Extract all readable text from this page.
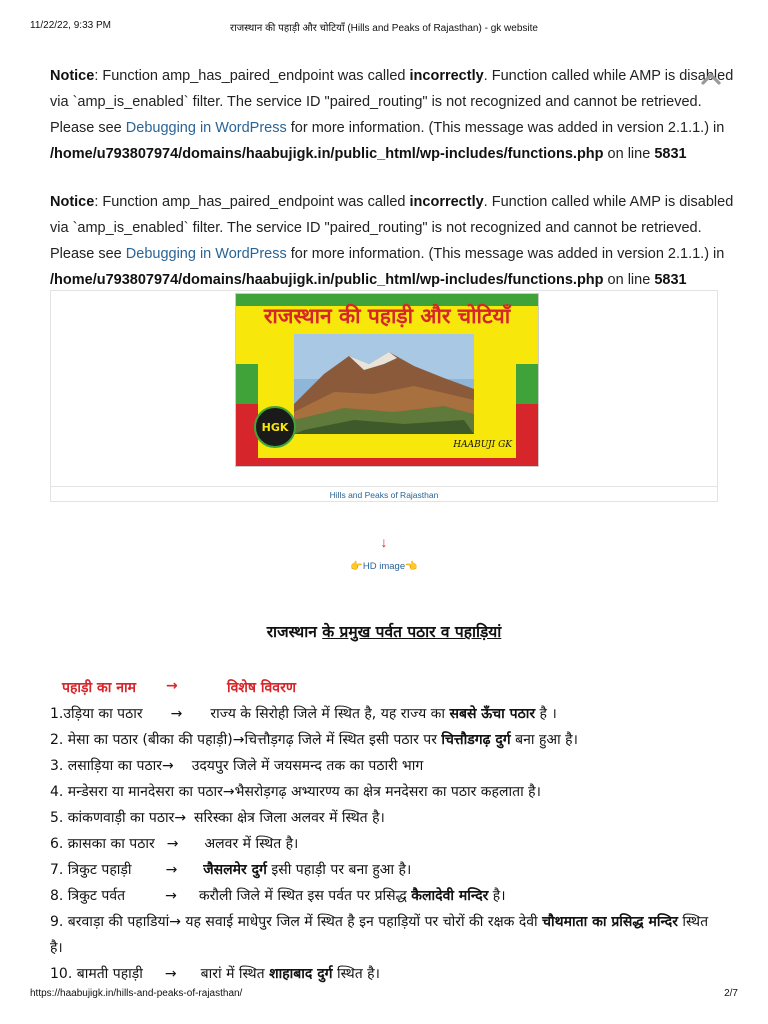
11/22/22, 9:33 PM	राजस्थान की पहाड़ी और चोटियाँ (Hills and Peaks of Rajasthan) - gk website
Notice: Function amp_has_paired_endpoint was called incorrectly. Function called while AMP is disabled
via `amp_is_enabled` filter. The service ID "paired_routing" is not recognized and cannot be retrieved.
Please see Debugging in WordPress for more information. (This message was added in version 2.1.1.) in
/home/u793807974/domains/haabujigk.in/public_html/wp-includes/functions.php on line 5831
Notice: Function amp_has_paired_endpoint was called incorrectly. Function called while AMP is disabled
via `amp_is_enabled` filter. The service ID "paired_routing" is not recognized and cannot be retrieved.
Please see Debugging in WordPress for more information. (This message was added in version 2.1.1.) in
/home/u793807974/domains/haabujigk.in/public_html/wp-includes/functions.php on line 5831
राजस्थान की पहाड़ी और चोटियाँ
HGK
HAABUJI GK
Hills and Peaks of Rajasthan
↓
👉HD image👈
राजस्थान के प्रमुख पर्वत पठार व पहाड़ियां
पहाड़ी का नाम →	विशेष विवरण
1.उड़िया का पठार → राज्य के सिरोही जिले में स्थित है, यह राज्य का सबसे ऊँचा पठार है ।
2. मेसा का पठार (बीका की पहाड़ी)→चित्तौड़गढ़ जिले में स्थित इसी पठार पर चित्तौडगढ़ दुर्ग बना हुआ है।
3. लसाड़िया का पठार→ उदयपुर जिले में जयसमन्द तक का पठारी भाग
4. मन्डेसरा या मानदेसरा का पठार→भैसरोड़गढ़ अभ्यारण्य का क्षेत्र मनदेसरा का पठार कहलाता है।
5. कांकणवाड़ी का पठार→ सरिस्का क्षेत्र जिला अलवर में स्थित है।
6. क्रासका का पठार → अलवर में स्थित है।
7. त्रिकुट पहाड़ी → जैसलमेर दुर्ग इसी पहाड़ी पर बना हुआ है।
8. त्रिकुट पर्वत	→ करौली जिले में स्थित इस पर्वत पर प्रसिद्ध कैलादेवी मन्दिर है।
9. बरवाड़ा की पहाडियां→ यह सवाई माधेपुर जिल में स्थित है इन पहाड़ियों पर चोरों की रक्षक देवी चौथमाता का प्रसिद्ध मन्दिर स्थित है।
10. बामती पहाड़ी → बारां में स्थित शाहाबाद दुर्ग स्थित है।
https://haabujigk.in/hills-and-peaks-of-rajasthan/	2/7
